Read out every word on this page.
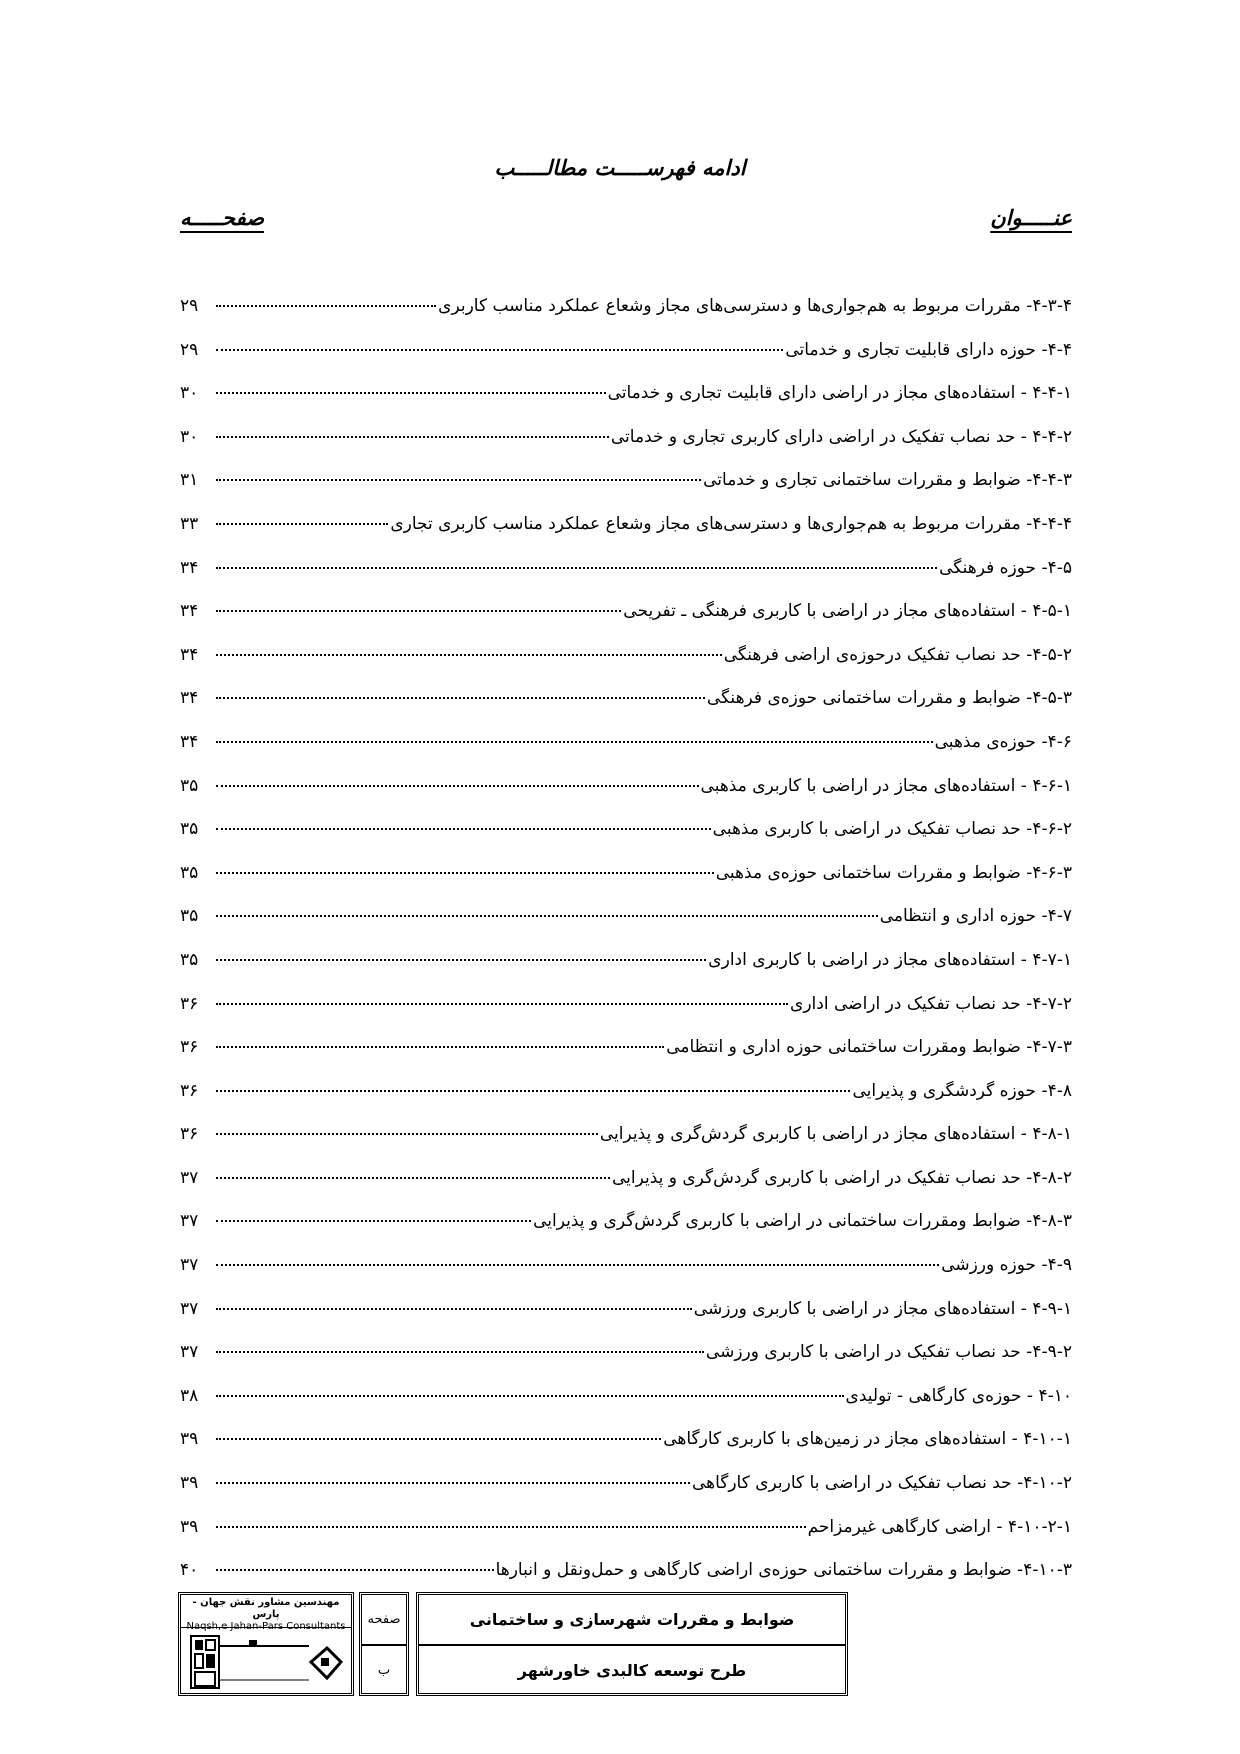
ادامه فهرســـــت مطالـــــب
عنـــــوان
صفحـــــه
۴-۳-۴- مقررات مربوط به هم‌جواری‌ها و دسترسی‌های مجاز وشعاع عملکرد مناسب کاربری
۲۹
۴-۴- حوزه دارای قابلیت تجاری و خدماتی
۲۹
۴-۴-۱ - استفاده‌های مجاز در اراضی دارای قابلیت تجاری و خدماتی
۳۰
۴-۴-۲ - حد نصاب تفکیک در اراضی دارای کاربری تجاری و خدماتی
۳۰
۴-۴-۳- ضوابط و مقررات ساختمانی تجاری و خدماتی
۳۱
۴-۴-۴- مقررات مربوط به هم‌جواری‌ها و دسترسی‌های مجاز وشعاع عملکرد مناسب کاربری تجاری
۳۳
۴-۵- حوزه فرهنگی
۳۴
۴-۵-۱ - استفاده‌های مجاز در اراضی با کاربری فرهنگی ـ تفریحی
۳۴
۴-۵-۲- حد نصاب تفکیک درحوزه‌ی اراضی فرهنگی
۳۴
۴-۵-۳- ضوابط و مقررات ساختمانی حوزه‌ی فرهنگی
۳۴
۴-۶- حوزه‌ی مذهبی
۳۴
۴-۶-۱ - استفاده‌های مجاز در اراضی با کاربری مذهبی
۳۵
۴-۶-۲- حد نصاب تفکیک در اراضی با کاربری مذهبی
۳۵
۴-۶-۳- ضوابط و مقررات ساختمانی حوزه‌ی مذهبی
۳۵
۴-۷- حوزه اداری و انتظامی
۳۵
۴-۷-۱ - استفاده‌های مجاز در اراضی با کاربری اداری
۳۵
۴-۷-۲- حد نصاب تفکیک در اراضی اداری
۳۶
۴-۷-۳- ضوابط ومقررات ساختمانی حوزه اداری و انتظامی
۳۶
۴-۸- حوزه گردشگری و پذیرایی
۳۶
۴-۸-۱ - استفاده‌های مجاز در اراضی با کاربری گردش‌گری و پذیرایی
۳۶
۴-۸-۲- حد نصاب تفکیک در اراضی با کاربری گردش‌گری و پذیرایی
۳۷
۴-۸-۳- ضوابط ومقررات ساختمانی در اراضی با کاربری گردش‌گری و پذیرایی
۳۷
۴-۹- حوزه ورزشی
۳۷
۴-۹-۱ - استفاده‌های مجاز در اراضی با کاربری ورزشی
۳۷
۴-۹-۲- حد نصاب تفکیک در اراضی با کاربری ورزشی
۳۷
۴-۱۰ - حوزه‌ی کارگاهی - تولیدی
۳۸
۴-۱۰-۱ - استفاده‌های مجاز در زمین‌های با کاربری کارگاهی
۳۹
۴-۱۰-۲- حد نصاب تفکیک در اراضی با کاربری کارگاهی
۳۹
۴-۱۰-۲-۱ - اراضی کارگاهی غیرمزاحم
۳۹
۴-۱۰-۳- ضوابط و مقررات ساختمانی حوزه‌ی اراضی کارگاهی و حمل‌ونقل و انبارها
۴۰
مهندسین مشاور نقش جهان - پارس
Naqsh,e Jahan-Pars Consultants	صفحه
ب
ضوابط و مقررات شهرسازی و ساختمانی
طرح توسعه کالبدی خاورشهر
